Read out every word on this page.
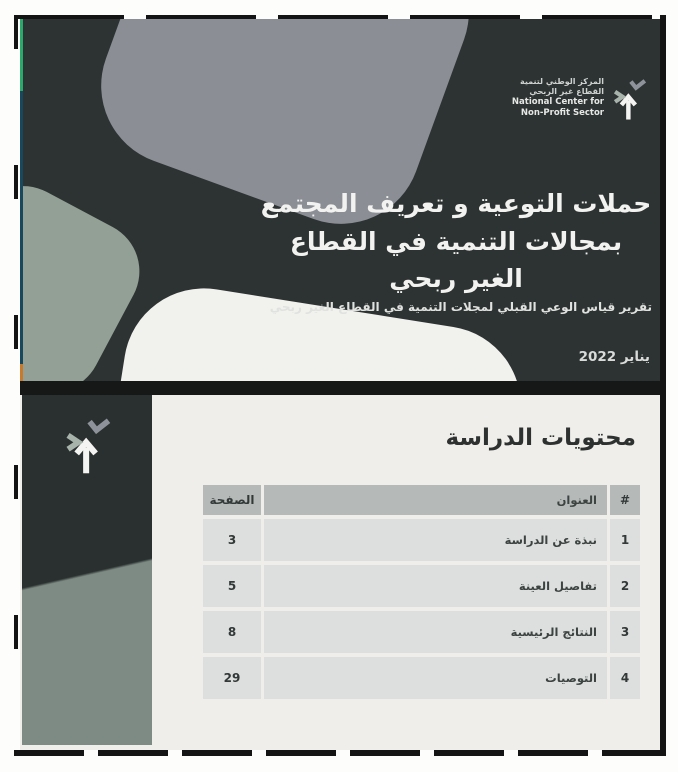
المركز الوطني لتنمية
القطاع غير الربحي
National Center for
Non-Profit Sector
حملات التوعية و تعريف المجتمع
بمجالات التنمية في القطاع الغير ربحي
تقرير قياس الوعي القبلي لمجلات التنمية في القطاع الغير ربحي
يناير 2022
محتويات الدراسة
#
العنوان
الصفحة
1
نبذة عن الدراسة
3
2
تفاصيل العينة
5
3
النتائج الرئيسية
8
4
التوصيات
29
